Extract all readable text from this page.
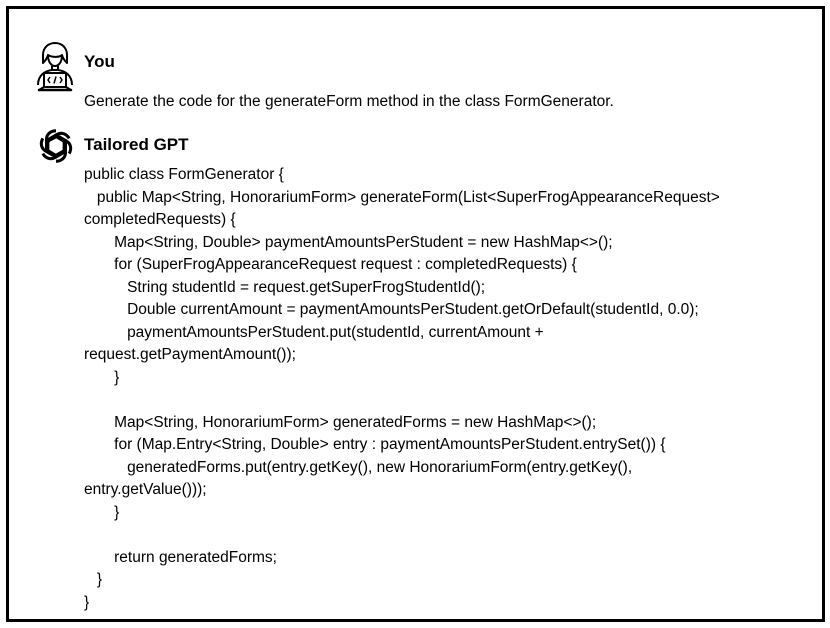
You
Generate the code for the generateForm method in the class FormGenerator.
Tailored GPT
public class FormGenerator {
public Map<String, HonorariumForm> generateForm(List<SuperFrogAppearanceRequest>
completedRequests) {
Map<String, Double> paymentAmountsPerStudent = new HashMap<>();
for (SuperFrogAppearanceRequest request : completedRequests) {
String studentId = request.getSuperFrogStudentId();
Double currentAmount = paymentAmountsPerStudent.getOrDefault(studentId, 0.0);
paymentAmountsPerStudent.put(studentId, currentAmount +
request.getPaymentAmount());
}
Map<String, HonorariumForm> generatedForms = new HashMap<>();
for (Map.Entry<String, Double> entry : paymentAmountsPerStudent.entrySet()) {
generatedForms.put(entry.getKey(), new HonorariumForm(entry.getKey(),
entry.getValue()));
}
return generatedForms;
}
}
